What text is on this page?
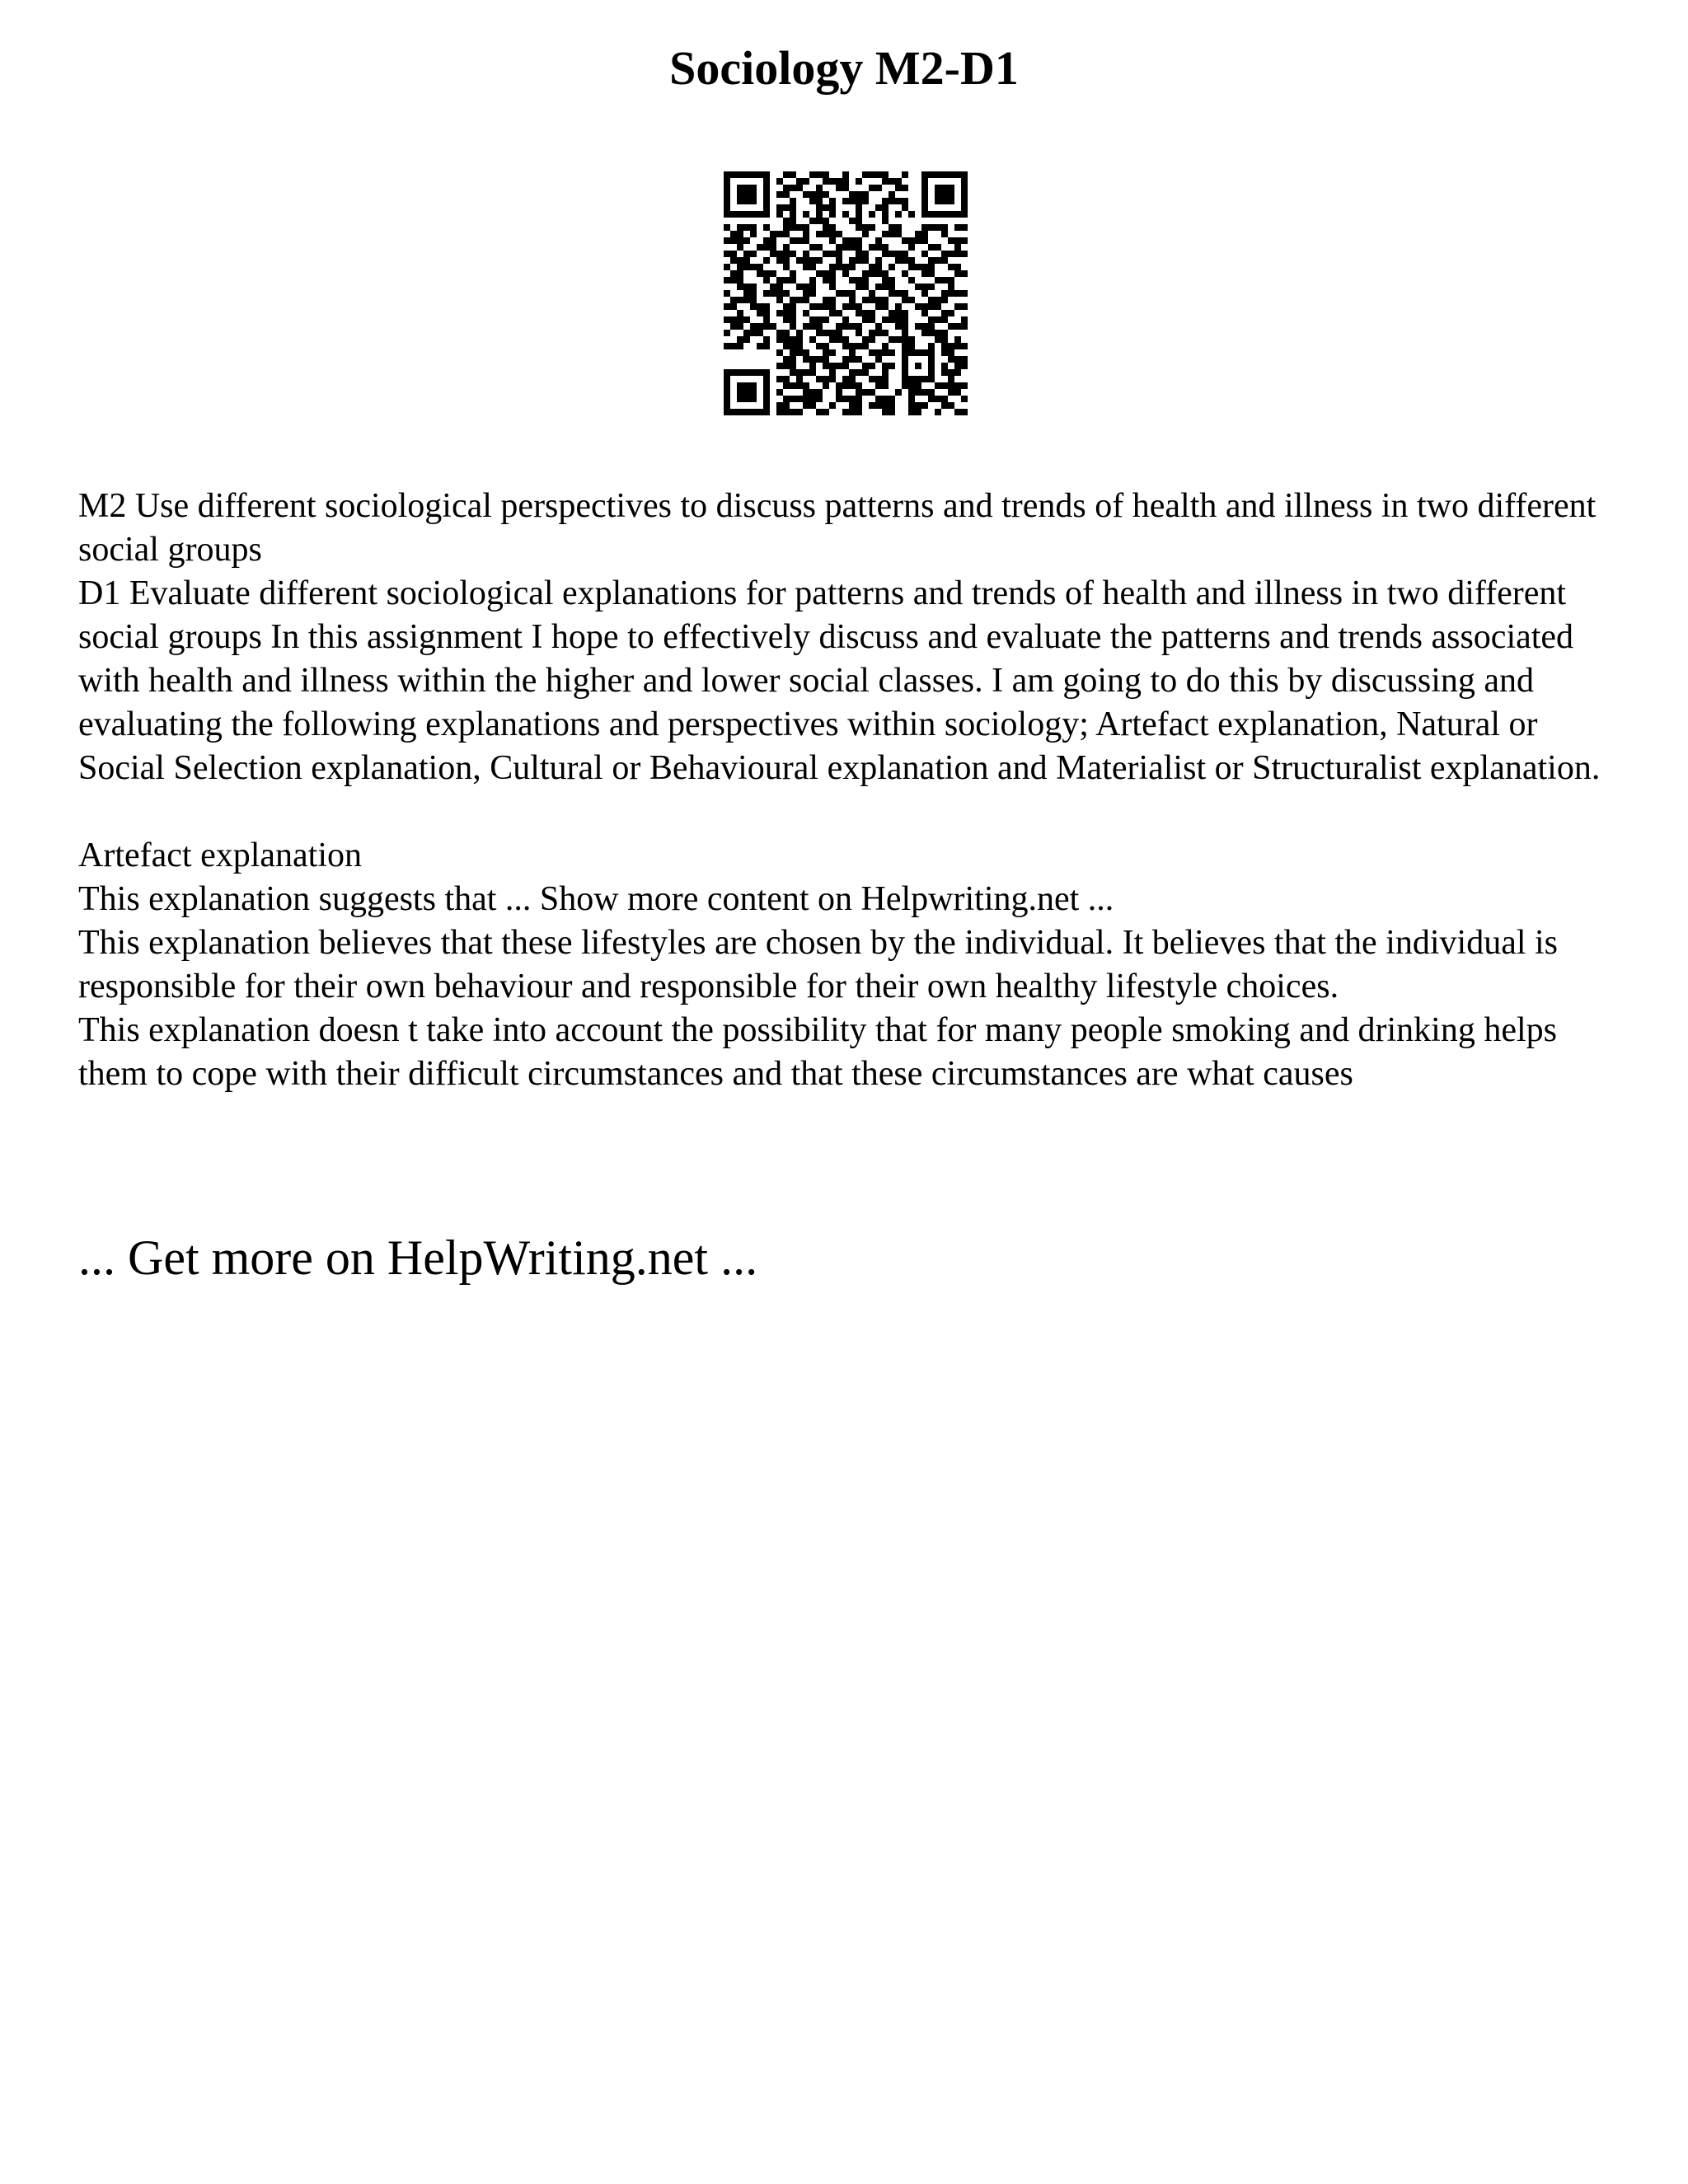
Sociology M2-D1

M2 Use different sociological perspectives to discuss patterns and trends of health and illness in two different social groups

D1 Evaluate different sociological explanations for patterns and trends of health and illness in two different social groups In this assignment I hope to effectively discuss and evaluate the patterns and trends associated with health and illness within the higher and lower social classes. I am going to do this by discussing and evaluating the following explanations and perspectives within sociology; Artefact explanation, Natural or Social Selection explanation, Cultural or Behavioural explanation and Materialist or Structuralist explanation.

Artefact explanation

This explanation suggests that ... Show more content on Helpwriting.net ...

This explanation believes that these lifestyles are chosen by the individual. It believes that the individual is responsible for their own behaviour and responsible for their own healthy lifestyle choices.

This explanation doesn t take into account the possibility that for many people smoking and drinking helps them to cope with their difficult circumstances and that these circumstances are what causes

... Get more on HelpWriting.net ...
